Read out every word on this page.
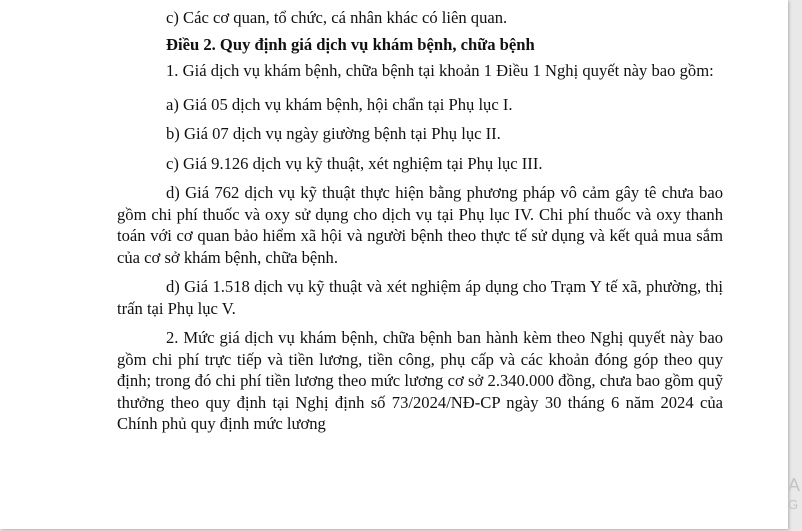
c) Các cơ quan, tổ chức, cá nhân khác có liên quan.

Điều 2. Quy định giá dịch vụ khám bệnh, chữa bệnh

1. Giá dịch vụ khám bệnh, chữa bệnh tại khoản 1 Điều 1 Nghị quyết này bao gồm:

a) Giá 05 dịch vụ khám bệnh, hội chẩn tại Phụ lục I.

b) Giá 07 dịch vụ ngày giường bệnh tại Phụ lục II.

c) Giá 9.126 dịch vụ kỹ thuật, xét nghiệm tại Phụ lục III.

d) Giá 762 dịch vụ kỹ thuật thực hiện bằng phương pháp vô cảm gây tê chưa bao gồm chi phí thuốc và oxy sử dụng cho dịch vụ tại Phụ lục IV. Chi phí thuốc và oxy thanh toán với cơ quan bảo hiểm xã hội và người bệnh theo thực tế sử dụng và kết quả mua sắm của cơ sở khám bệnh, chữa bệnh.

d) Giá 1.518 dịch vụ kỹ thuật và xét nghiệm áp dụng cho Trạm Y tế xã, phường, thị trấn tại Phụ lục V.

2. Mức giá dịch vụ khám bệnh, chữa bệnh ban hành kèm theo Nghị quyết này bao gồm chi phí trực tiếp và tiền lương, tiền công, phụ cấp và các khoản đóng góp theo quy định; trong đó chi phí tiền lương theo mức lương cơ sở 2.340.000 đồng, chưa bao gồm quỹ thưởng theo quy định tại Nghị định số 73/2024/NĐ-CP ngày 30 tháng 6 năm 2024 của Chính phủ quy định mức lương

A
G
